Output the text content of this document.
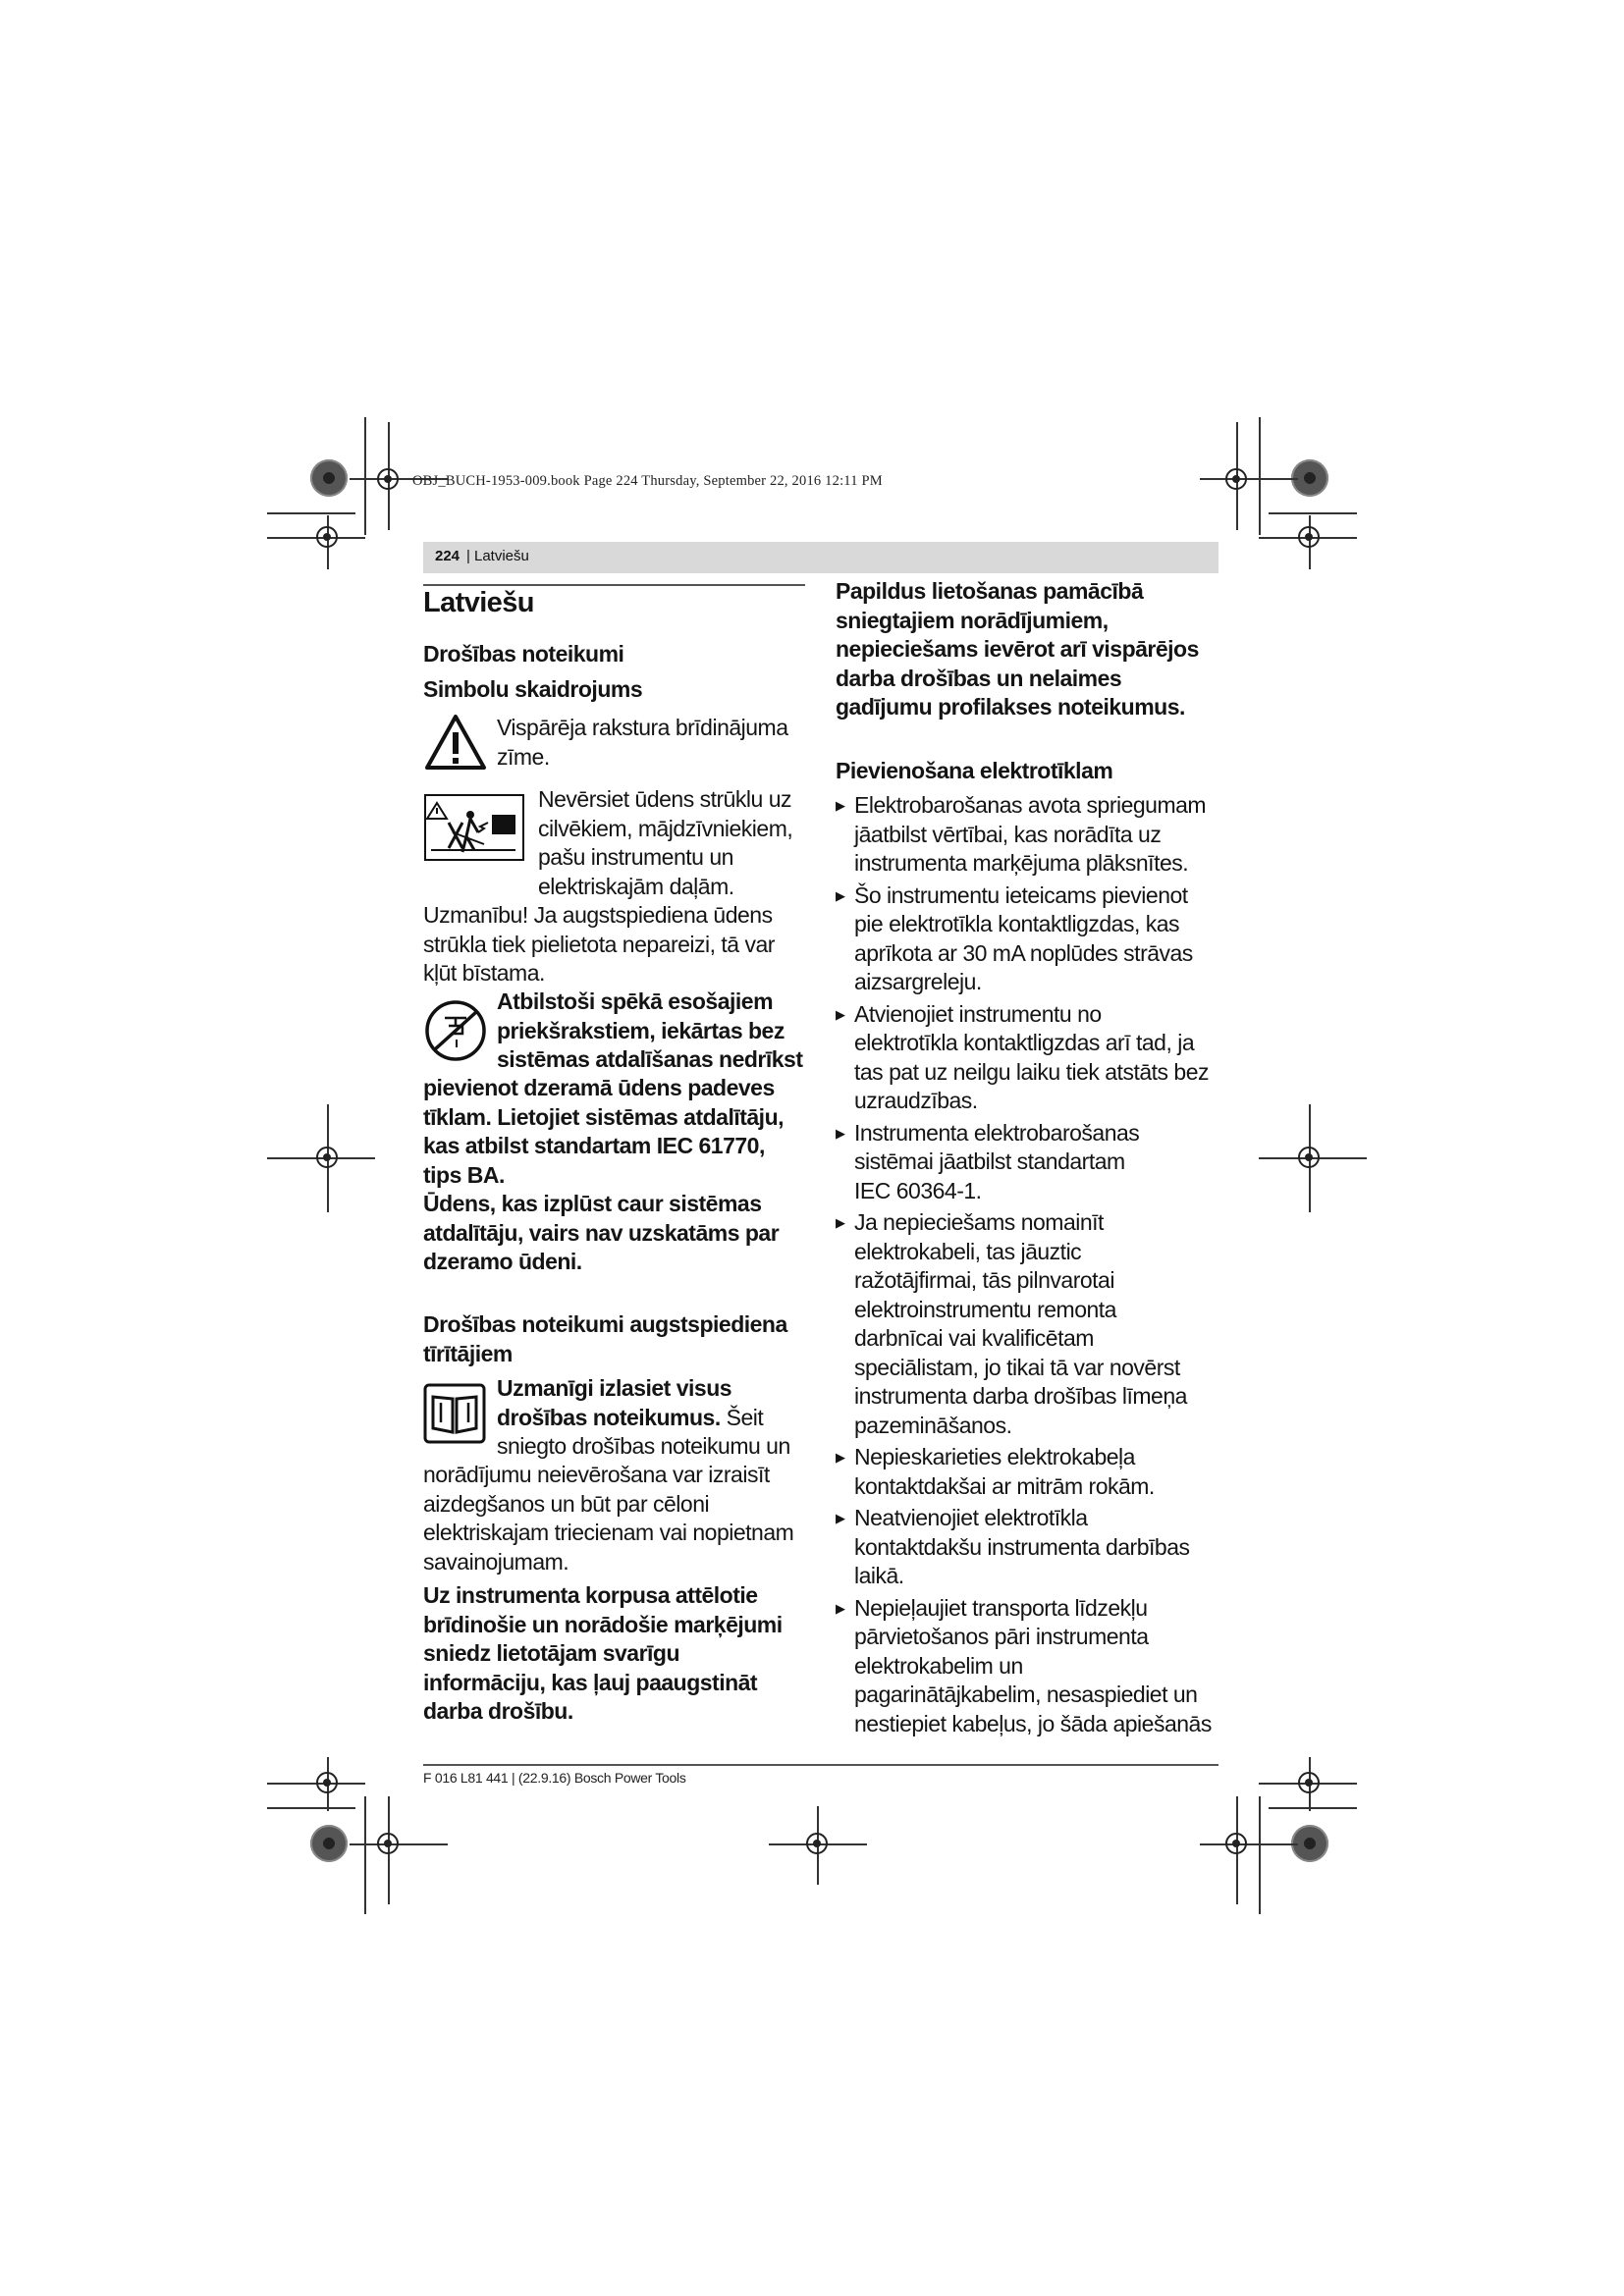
OBJ_BUCH-1953-009.book Page 224 Thursday, September 22, 2016 12:11 PM
224 | Latviešu
Latviešu
Drošības noteikumi
Simbolu skaidrojums
Vispārēja rakstura brīdinājuma
zīme.
Nevērsiet ūdens strūklu uz
cilvēkiem, mājdzīvniekiem,
pašu instrumentu un
elektriskajām daļām.
Uzmanību! Ja augstspiediena ūdens
strūkla tiek pielietota nepareizi, tā var
kļūt bīstama.
Atbilstoši spēkā esošajiem
priekšrakstiem, iekārtas bez
sistēmas atdalīšanas nedrīkst
pievienot dzeramā ūdens padeves
tīklam. Lietojiet sistēmas atdalītāju,
kas atbilst standartam IEC 61770,
tips BA.
Ūdens, kas izplūst caur sistēmas
atdalītāju, vairs nav uzskatāms par
dzeramo ūdeni.
Drošības noteikumi augstspiediena
tīrītājiem
Uzmanīgi izlasiet visus
drošības noteikumus. Šeit
sniegto drošības noteikumu un
norādījumu neievērošana var izraisīt
aizdegšanos un būt par cēloni
elektriskajam triecienam vai nopietnam
savainojumam.
Uz instrumenta korpusa attēlotie
brīdinošie un norādošie marķējumi
sniedz lietotājam svarīgu
informāciju, kas ļauj paaugstināt
darba drošību.
Papildus lietošanas pamācībā
sniegtajiem norādījumiem,
nepieciešams ievērot arī vispārējos
darba drošības un nelaimes
gadījumu profilakses noteikumus.
Pievienošana elektrotīklam
▶ Elektrobarošanas avota spriegumam
jāatbilst vērtībai, kas norādīta uz
instrumenta marķējuma plāksnītes.
▶ Šo instrumentu ieteicams pievienot
pie elektrotīkla kontaktligzdas, kas
aprīkota ar 30 mA noplūdes strāvas
aizsargreleju.
▶ Atvienojiet instrumentu no
elektrotīkla kontaktligzdas arī tad, ja
tas pat uz neilgu laiku tiek atstāts bez
uzraudzības.
▶ Instrumenta elektrobarošanas
sistēmai jāatbilst standartam
IEC 60364-1.
▶ Ja nepieciešams nomainīt
elektrokabeli, tas jāuztic
ražotājfirmai, tās pilnvarotai
elektroinstrumentu remonta
darbnīcai vai kvalificētam
speciālistam, jo tikai tā var novērst
instrumenta darba drošības līmeņa
pazemināšanos.
▶ Nepieskarieties elektrokabeļa
kontaktdakšai ar mitrām rokām.
▶ Neatvienojiet elektrotīkla
kontaktdakšu instrumenta darbības
laikā.
▶ Nepieļaujiet transporta līdzekļu
pārvietošanos pāri instrumenta
elektrokabelim un
pagarinātājkabelim, nesaspiediet un
nestiepiet kabeļus, jo šāda apiešanās
F 016 L81 441 | (22.9.16) Bosch Power Tools
